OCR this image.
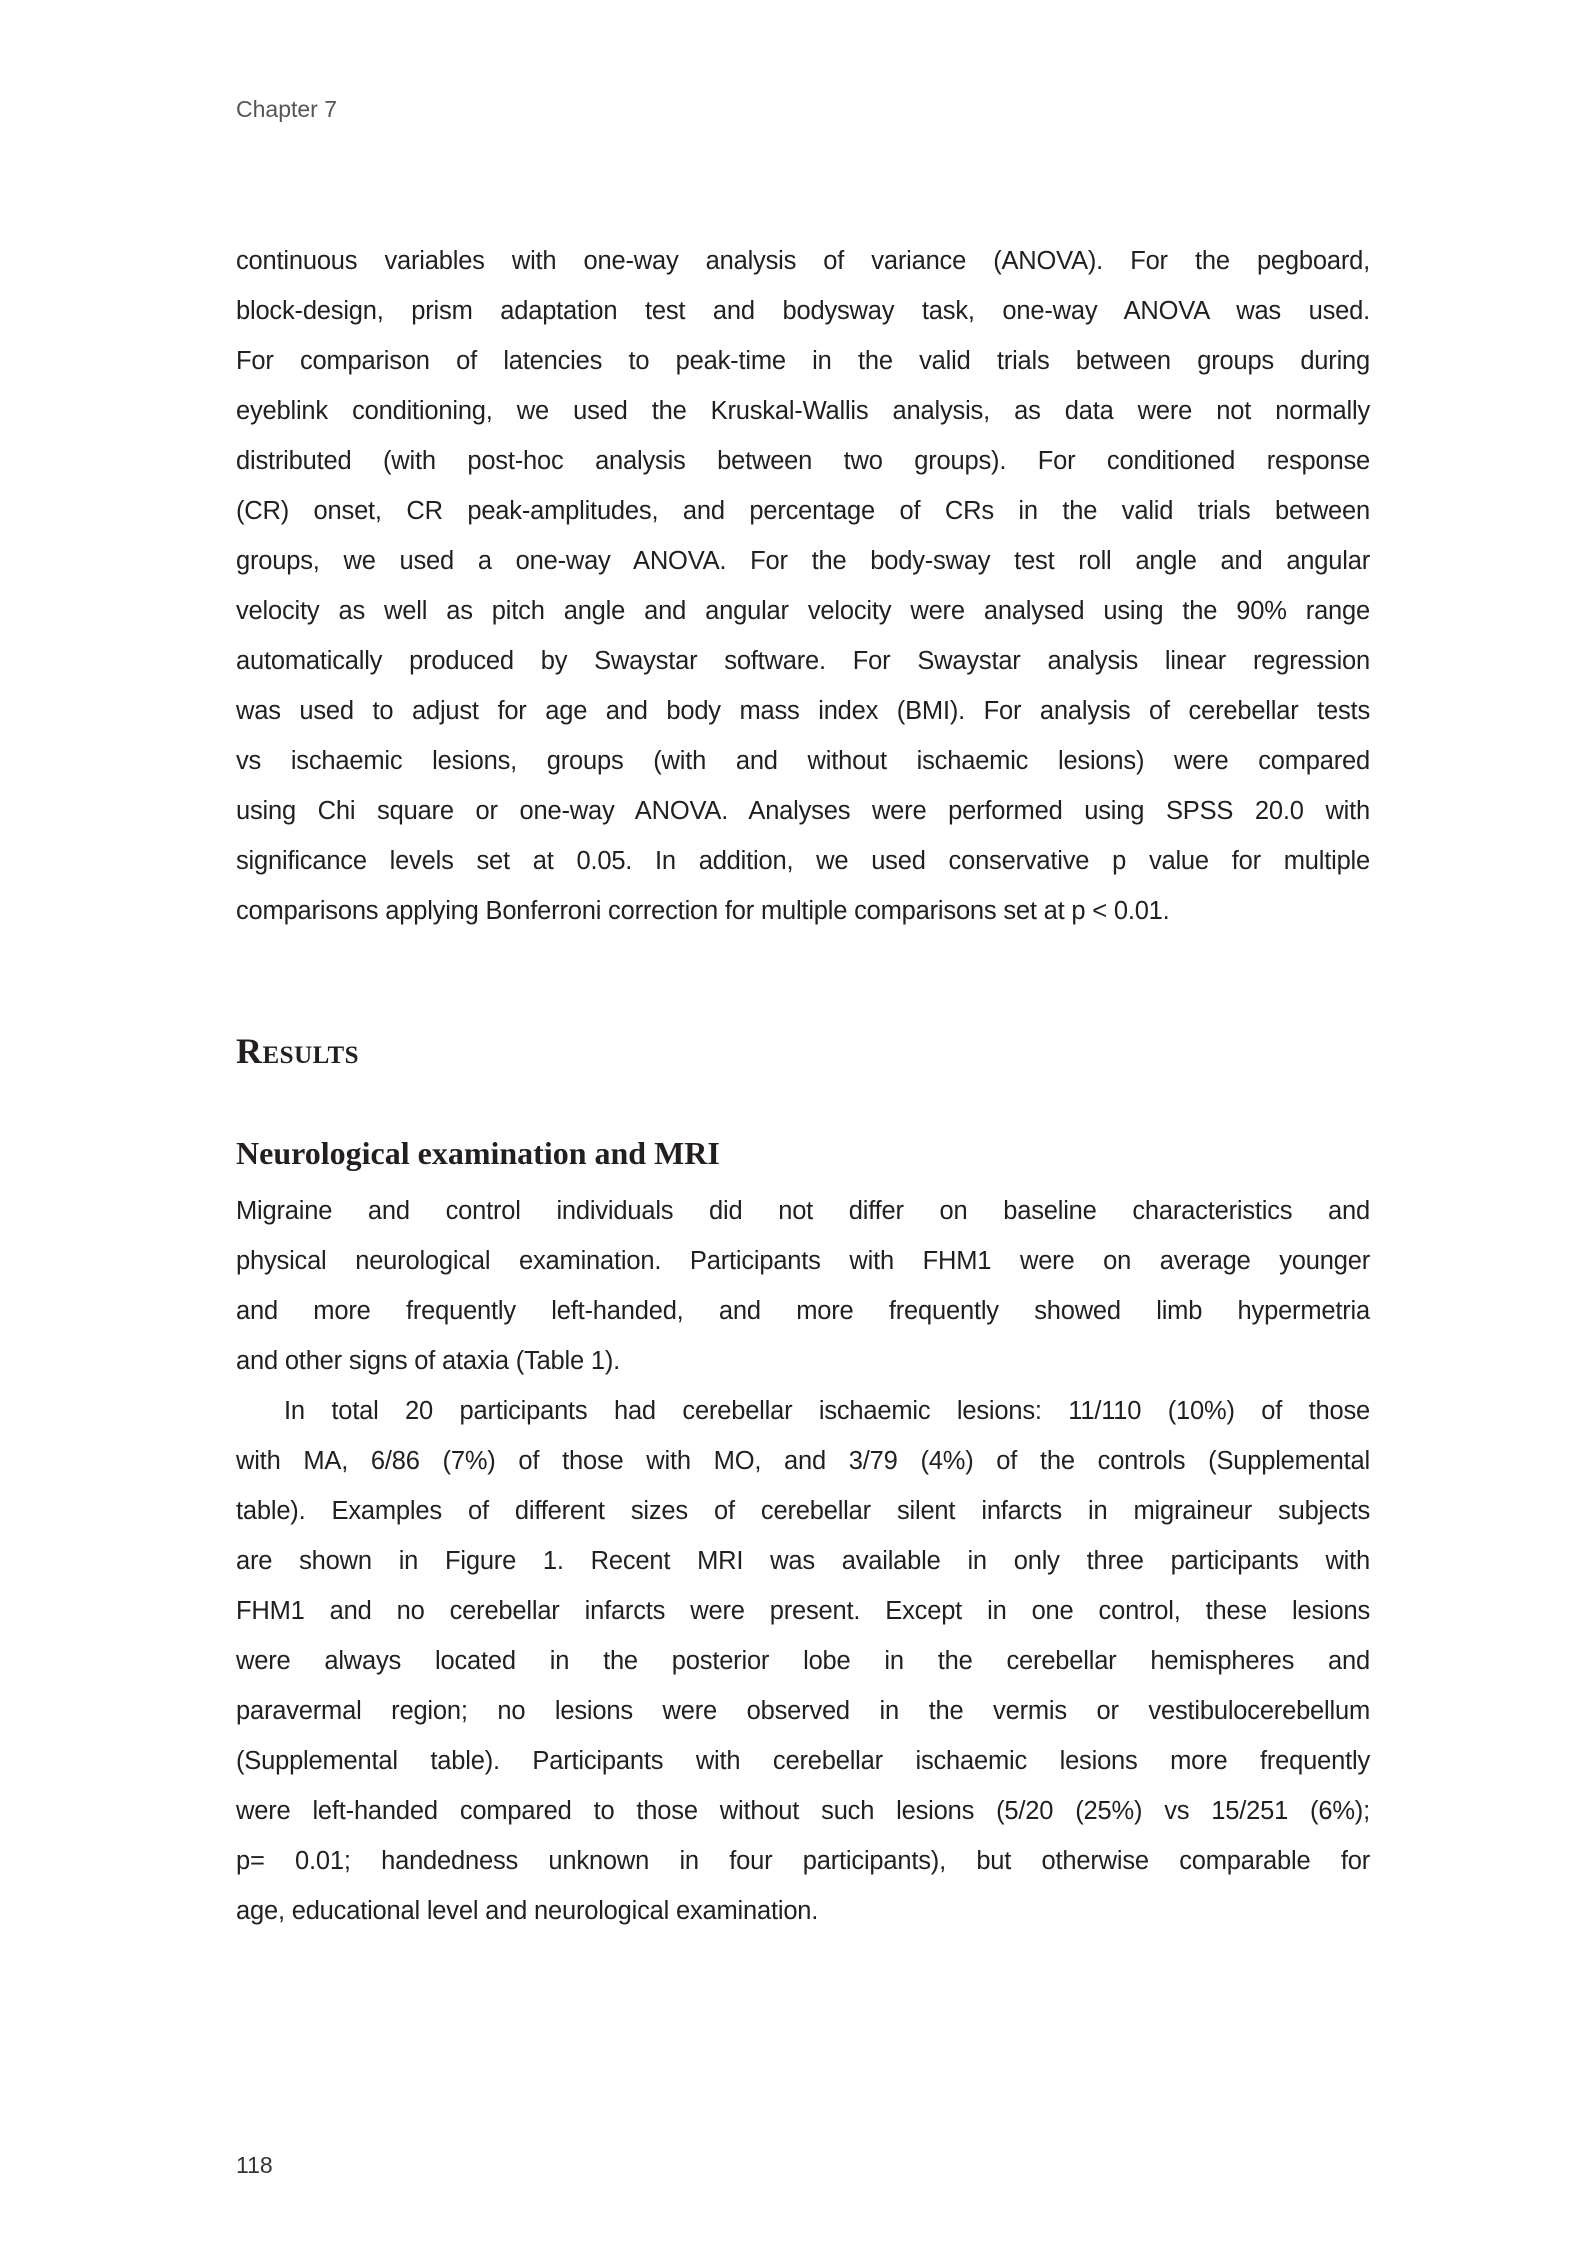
Chapter 7
continuous variables with one-way analysis of variance (ANOVA). For the pegboard,
block-design, prism adaptation test and bodysway task, one-way ANOVA was used.
For comparison of latencies to peak-time in the valid trials between groups during
eyeblink conditioning, we used the Kruskal-Wallis analysis, as data were not normally
distributed (with post-hoc analysis between two groups). For conditioned response
(CR) onset, CR peak-amplitudes, and percentage of CRs in the valid trials between
groups, we used a one-way ANOVA. For the body-sway test roll angle and angular
velocity as well as pitch angle and angular velocity were analysed using the 90% range
automatically produced by Swaystar software. For Swaystar analysis linear regression
was used to adjust for age and body mass index (BMI). For analysis of cerebellar tests
vs ischaemic lesions, groups (with and without ischaemic lesions) were compared
using Chi square or one-way ANOVA. Analyses were performed using SPSS 20.0 with
significance levels set at 0.05. In addition, we used conservative p value for multiple
comparisons applying Bonferroni correction for multiple comparisons set at p < 0.01.
Results
Neurological examination and MRI
Migraine and control individuals did not differ on baseline characteristics and
physical neurological examination. Participants with FHM1 were on average younger
and more frequently left-handed, and more frequently showed limb hypermetria
and other signs of ataxia (Table 1).
In total 20 participants had cerebellar ischaemic lesions: 11/110 (10%) of those
with MA, 6/86 (7%) of those with MO, and 3/79 (4%) of the controls (Supplemental
table). Examples of different sizes of cerebellar silent infarcts in migraineur subjects
are shown in Figure 1. Recent MRI was available in only three participants with
FHM1 and no cerebellar infarcts were present. Except in one control, these lesions
were always located in the posterior lobe in the cerebellar hemispheres and
paravermal region; no lesions were observed in the vermis or vestibulocerebellum
(Supplemental table). Participants with cerebellar ischaemic lesions more frequently
were left-handed compared to those without such lesions (5/20 (25%) vs 15/251 (6%);
p= 0.01; handedness unknown in four participants), but otherwise comparable for
age, educational level and neurological examination.
118
